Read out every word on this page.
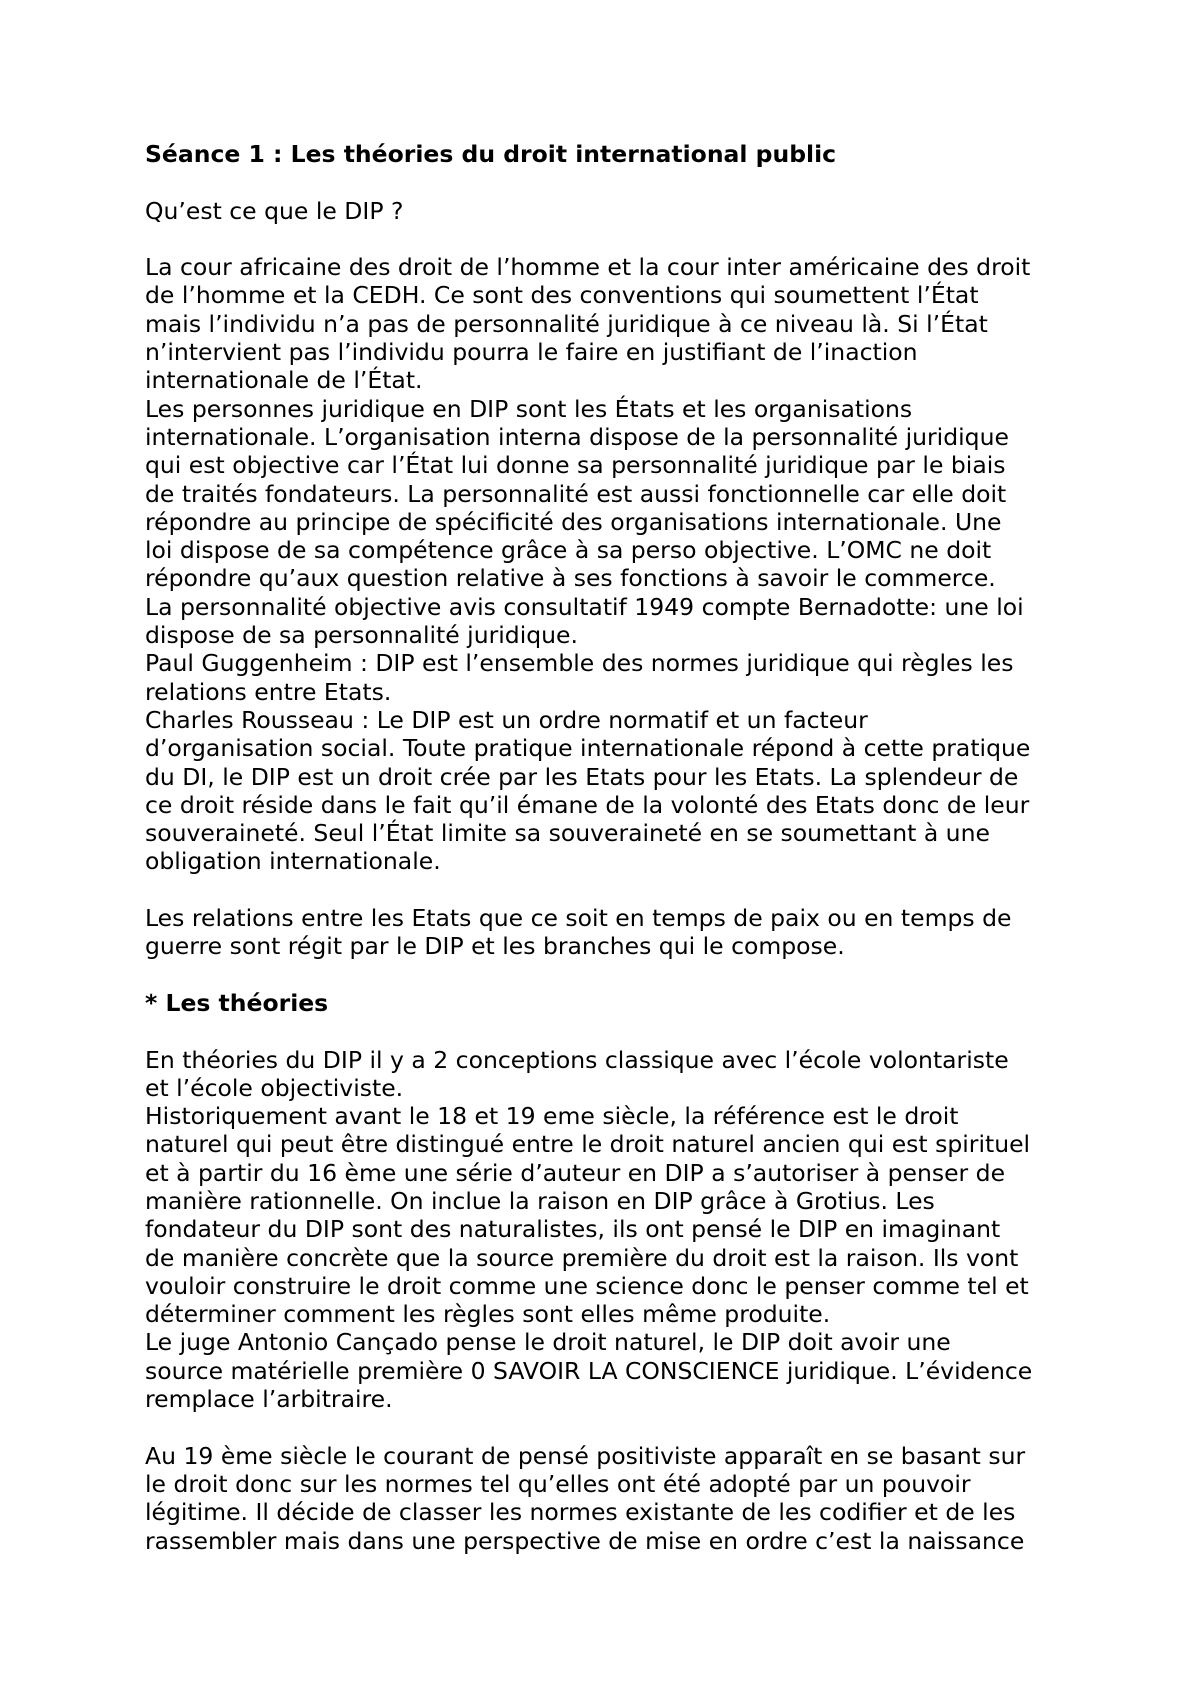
Séance 1 : Les théories du droit international public

Qu’est ce que le DIP ?

La cour africaine des droit de l’homme et la cour inter américaine des droit

de l’homme et la CEDH. Ce sont des conventions qui soumettent l’État

mais l’individu n’a pas de personnalité juridique à ce niveau là. Si l’État

n’intervient pas l’individu pourra le faire en justifiant de l’inaction

internationale de l’État.

Les personnes juridique en DIP sont les États et les organisations

internationale. L’organisation interna dispose de la personnalité juridique

qui est objective car l’État lui donne sa personnalité juridique par le biais

de traités fondateurs. La personnalité est aussi fonctionnelle car elle doit

répondre au principe de spécificité des organisations internationale. Une

loi dispose de sa compétence grâce à sa perso objective. L’OMC ne doit

répondre qu’aux question relative à ses fonctions à savoir le commerce.

La personnalité objective avis consultatif 1949 compte Bernadotte: une loi

dispose de sa personnalité juridique.

Paul Guggenheim : DIP est l’ensemble des normes juridique qui règles les

relations entre Etats.

Charles Rousseau : Le DIP est un ordre normatif et un facteur

d’organisation social. Toute pratique internationale répond à cette pratique

du DI, le DIP est un droit crée par les Etats pour les Etats. La splendeur de

ce droit réside dans le fait qu’il émane de la volonté des Etats donc de leur

souveraineté. Seul l’État limite sa souveraineté en se soumettant à une

obligation internationale.

Les relations entre les Etats que ce soit en temps de paix ou en temps de

guerre sont régit par le DIP et les branches qui le compose.

* Les théories

En théories du DIP il y a 2 conceptions classique avec l’école volontariste

et l’école objectiviste.

Historiquement avant le 18 et 19 eme siècle, la référence est le droit

naturel qui peut être distingué entre le droit naturel ancien qui est spirituel

et à partir du 16 ème une série d’auteur en DIP a s’autoriser à penser de

manière rationnelle. On inclue la raison en DIP grâce à Grotius. Les

fondateur du DIP sont des naturalistes, ils ont pensé le DIP en imaginant

de manière concrète que la source première du droit est la raison. Ils vont

vouloir construire le droit comme une science donc le penser comme tel et

déterminer comment les règles sont elles même produite.

Le juge Antonio Cançado pense le droit naturel, le DIP doit avoir une

source matérielle première 0 SAVOIR LA CONSCIENCE juridique. L’évidence

remplace l’arbitraire.

Au 19 ème siècle le courant de pensé positiviste apparaît en se basant sur

le droit donc sur les normes tel qu’elles ont été adopté par un pouvoir

légitime. Il décide de classer les normes existante de les codifier et de les

rassembler mais dans une perspective de mise en ordre c’est la naissance
